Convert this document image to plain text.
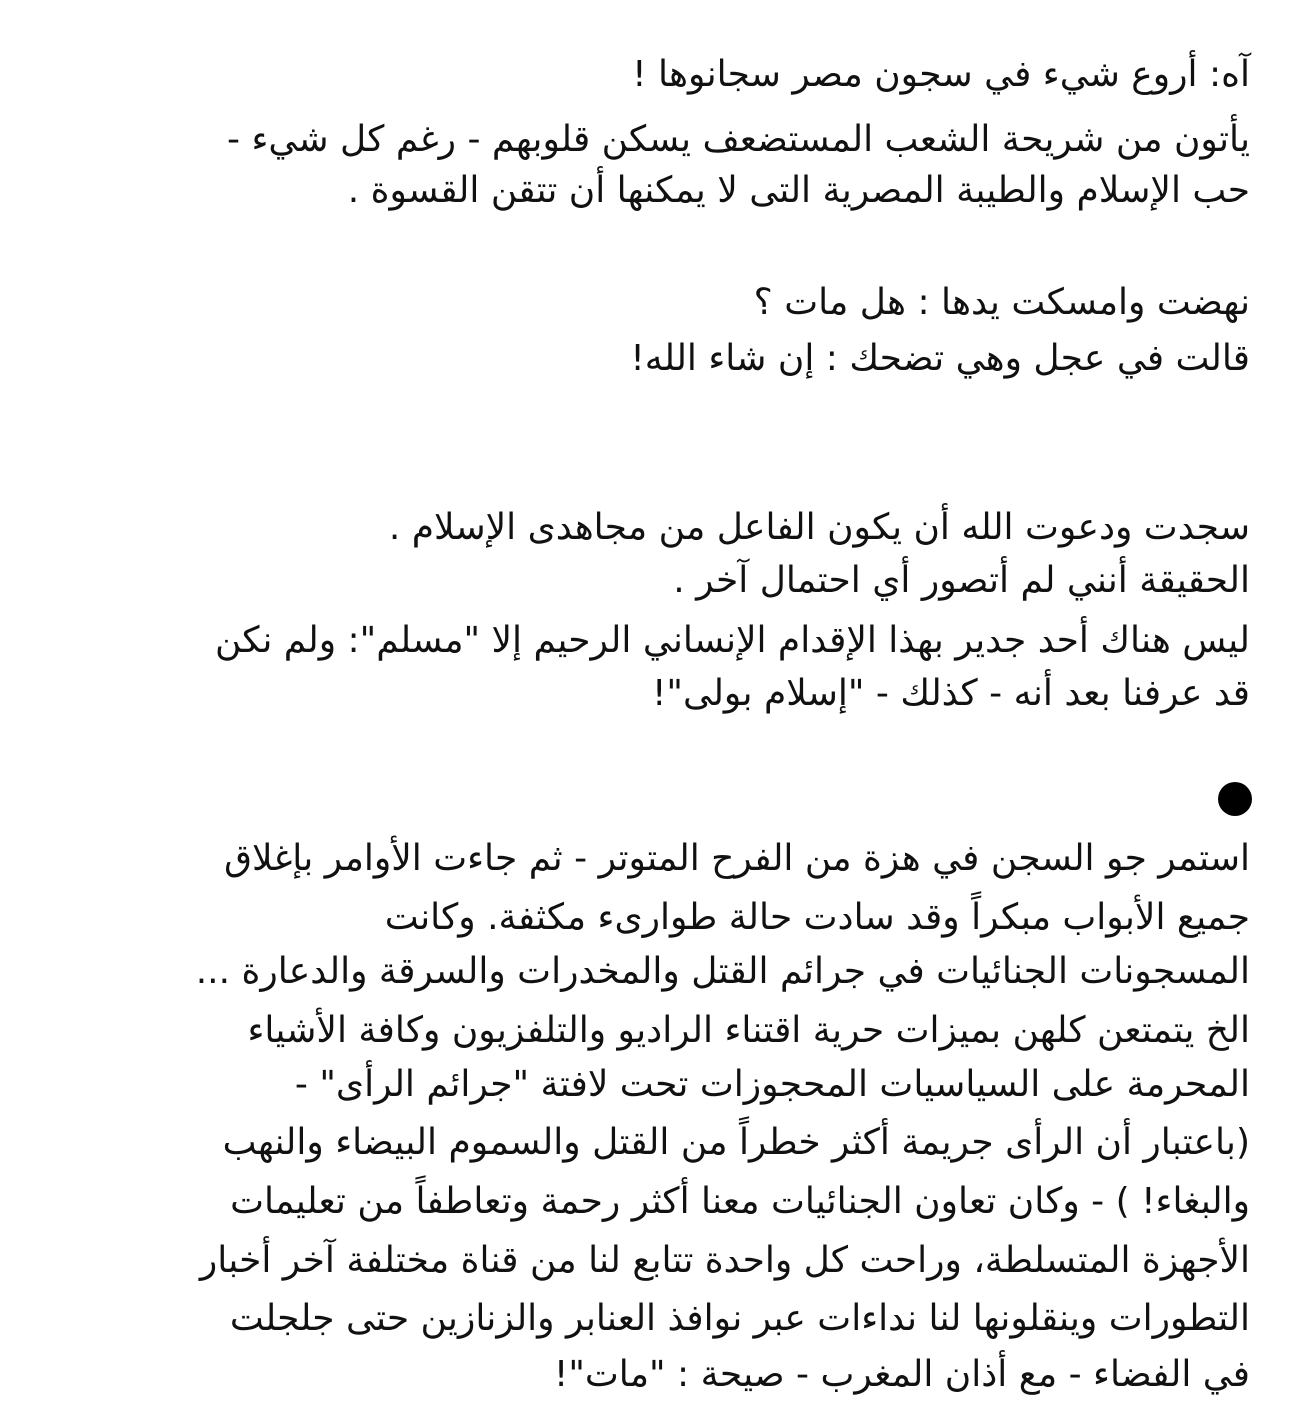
آه: أروع شيء في سجون مصر سجانوها !
يأتون من شريحة الشعب المستضعف يسكن قلوبهم - رغم كل شيء -
حب الإسلام والطيبة المصرية التى لا يمكنها أن تتقن القسوة .
نهضت وامسكت يدها : هل مات ؟
قالت في عجل وهي تضحك : إن شاء الله!
سجدت ودعوت الله أن يكون الفاعل من مجاهدى الإسلام .
الحقيقة أنني لم أتصور أي احتمال آخر .
ليس هناك أحد جدير بهذا الإقدام الإنساني الرحيم إلا "مسلم": ولم نكن
قد عرفنا بعد أنه - كذلك - "إسلام بولى"!
استمر جو السجن في هزة من الفرح المتوتر - ثم جاءت الأوامر بإغلاق
جميع الأبواب مبكراً وقد سادت حالة طوارىء مكثفة. وكانت
المسجونات الجنائيات في جرائم القتل والمخدرات والسرقة والدعارة ...
الخ يتمتعن كلهن بميزات حرية اقتناء الراديو والتلفزيون وكافة الأشياء
المحرمة على السياسيات المحجوزات تحت لافتة "جرائم الرأى" -
(باعتبار أن الرأى جريمة أكثر خطراً من القتل والسموم البيضاء والنهب
والبغاء! ) - وكان تعاون الجنائيات معنا أكثر رحمة وتعاطفاً من تعليمات
الأجهزة المتسلطة، وراحت كل واحدة تتابع لنا من قناة مختلفة آخر أخبار
التطورات وينقلونها لنا نداءات عبر نوافذ العنابر والزنازين حتى جلجلت
في الفضاء - مع أذان المغرب - صيحة : "مات"!
